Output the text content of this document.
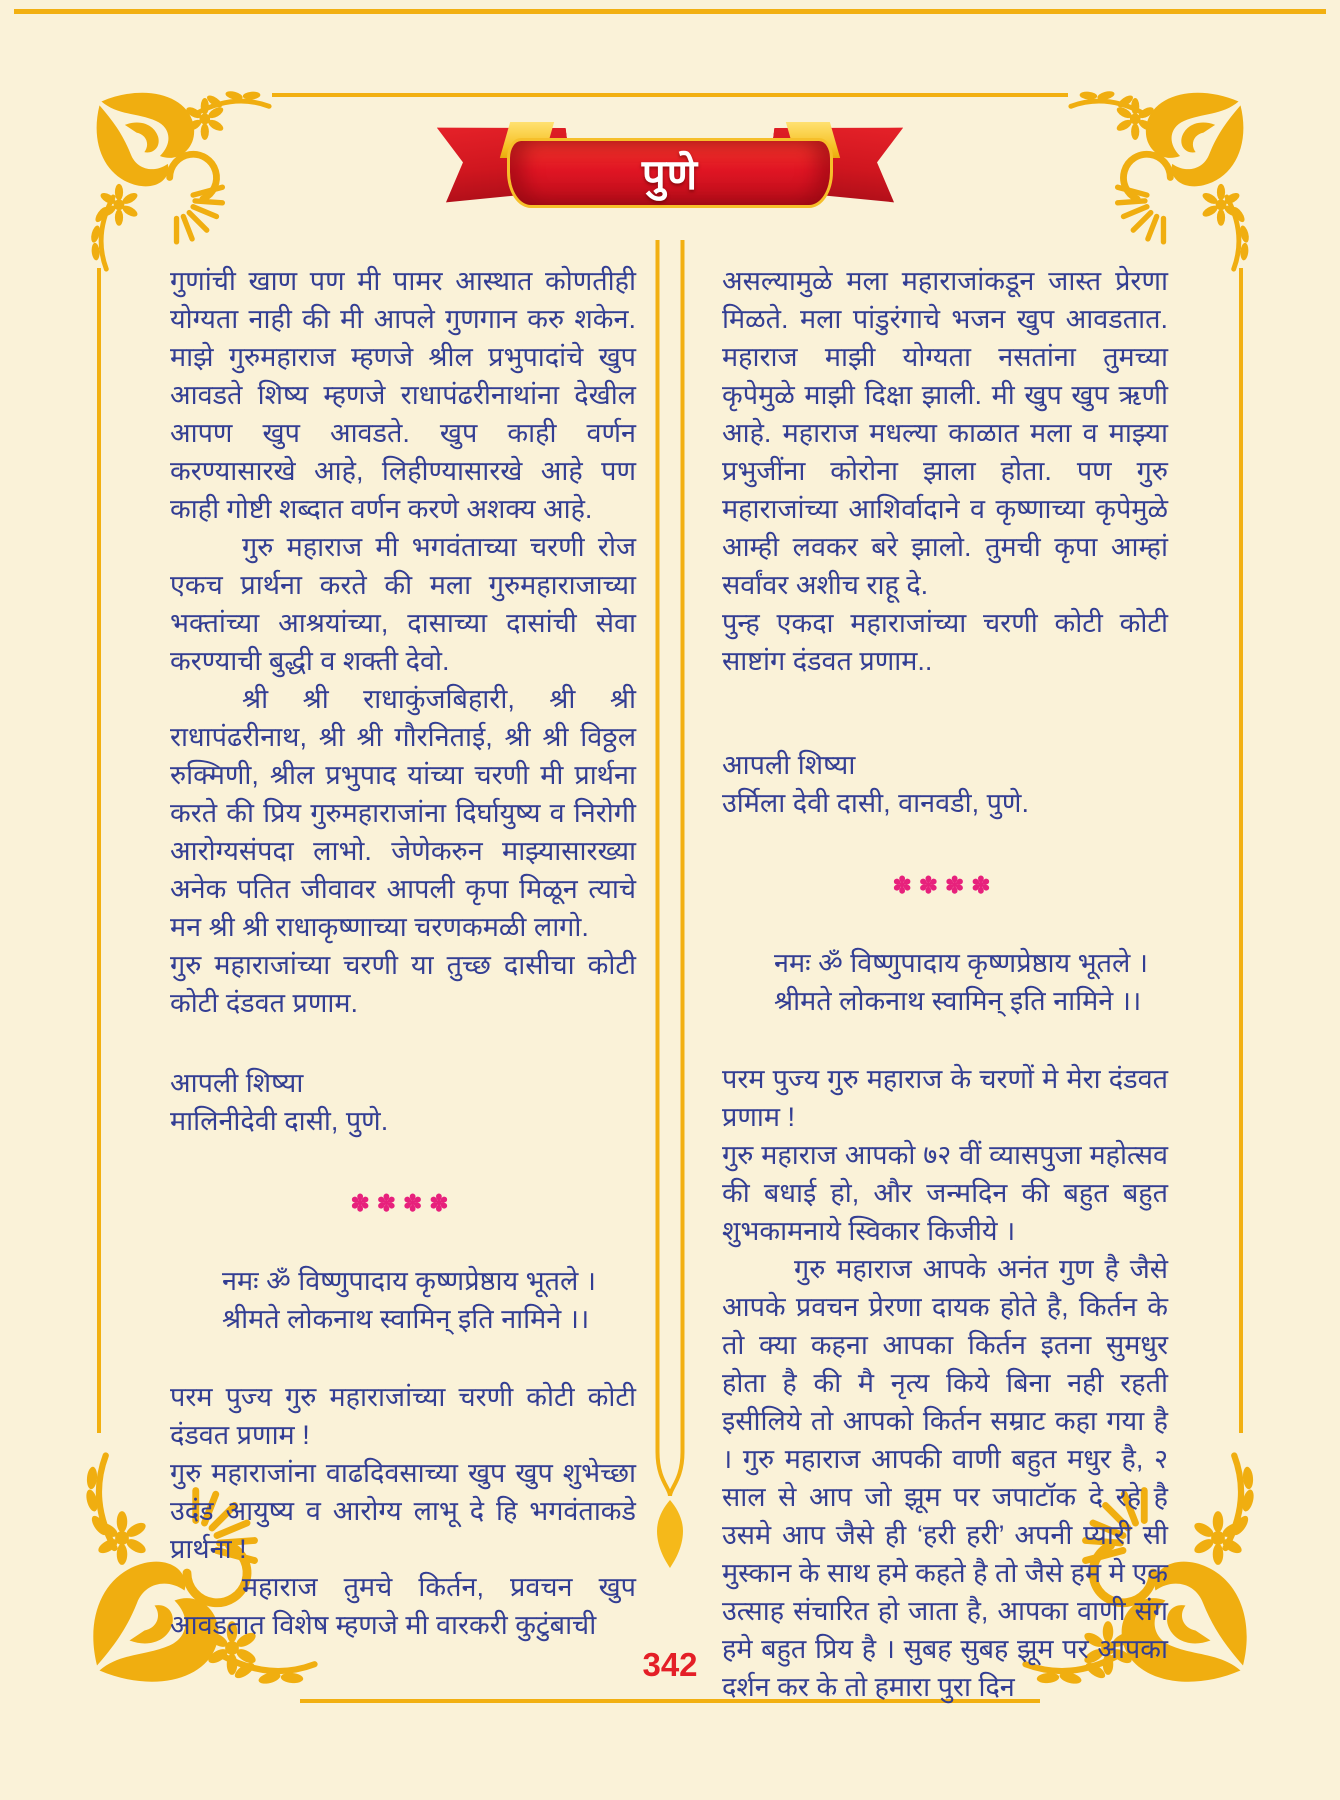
पुणे

गुणांची खाण पण मी पामर आस्थात कोणतीही योग्यता नाही की मी आपले गुणगान करु शकेन. माझे गुरुमहाराज म्हणजे श्रील प्रभुपादांचे खुप आवडते शिष्य म्हणजे राधापंढरीनाथांना देखील आपण खुप आवडते. खुप काही वर्णन करण्यासारखे आहे, लिहीण्यासारखे आहे पण काही गोष्टी शब्दात वर्णन करणे अशक्य आहे.

गुरु महाराज मी भगवंताच्या चरणी रोज एकच प्रार्थना करते की मला गुरुमहाराजाच्या भक्तांच्या आश्रयांच्या, दासाच्या दासांची सेवा करण्याची बुद्धी व शक्ती देवो.

श्री श्री राधाकुंजबिहारी, श्री श्री राधापंढरीनाथ, श्री श्री गौरनिताई, श्री श्री विठ्ठल रुक्मिणी, श्रील प्रभुपाद यांच्या चरणी मी प्रार्थना करते की प्रिय गुरुमहाराजांना दिर्घायुष्य व निरोगी आरोग्यसंपदा लाभो. जेणेकरुन माझ्यासारख्या अनेक पतित जीवावर आपली कृपा मिळून त्याचे मन श्री श्री राधाकृष्णाच्या चरणकमळी लागो.

गुरु महाराजांच्या चरणी या तुच्छ दासीचा कोटी कोटी दंडवत प्रणाम.

आपली शिष्या
मालिनीदेवी दासी, पुणे.
✽✽✽✽
नमः ॐ विष्णुपादाय कृष्णप्रेष्ठाय भूतले ।
श्रीमते लोकनाथ स्वामिन् इति नामिने ।।

परम पुज्य गुरु महाराजांच्या चरणी कोटी कोटी दंडवत प्रणाम !

गुरु महाराजांना वाढदिवसाच्या खुप खुप शुभेच्छा उदंड आयुष्य व आरोग्य लाभू दे हि भगवंताकडे प्रार्थना !

महाराज तुमचे किर्तन, प्रवचन खुप आवडतात विशेष म्हणजे मी वारकरी कुटुंबाची

असल्यामुळे मला महाराजांकडून जास्त प्रेरणा मिळते. मला पांडुरंगाचे भजन खुप आवडतात. महाराज माझी योग्यता नसतांना तुमच्या कृपेमुळे माझी दिक्षा झाली. मी खुप खुप ऋणी आहे. महाराज मधल्या काळात मला व माझ्या प्रभुजींना कोरोना झाला होता. पण गुरु महाराजांच्या आशिर्वादाने व कृष्णाच्या कृपेमुळे आम्ही लवकर बरे झालो. तुमची कृपा आम्हां सर्वांवर अशीच राहू दे.

पुन्ह एकदा महाराजांच्या चरणी कोटी कोटी साष्टांग दंडवत प्रणाम..

आपली शिष्या
उर्मिला देवी दासी, वानवडी, पुणे.
✽✽✽✽
नमः ॐ विष्णुपादाय कृष्णप्रेष्ठाय भूतले ।
श्रीमते लोकनाथ स्वामिन् इति नामिने ।।

परम पुज्य गुरु महाराज के चरणों मे मेरा दंडवत प्रणाम !

गुरु महाराज आपको ७२ वीं व्यासपुजा महोत्सव की बधाई हो, और जन्मदिन की बहुत बहुत शुभकामनाये स्विकार किजीये ।

गुरु महाराज आपके अनंत गुण है जैसे आपके प्रवचन प्रेरणा दायक होते है, किर्तन के तो क्या कहना आपका किर्तन इतना सुमधुर होता है की मै नृत्य किये बिना नही रहती इसीलिये तो आपको किर्तन सम्राट कहा गया है । गुरु महाराज आपकी वाणी बहुत मधुर है, २ साल से आप जो झूम पर जपाटॉक दे रहे है उसमे आप जैसे ही ‘हरी हरी’ अपनी प्यारी सी मुस्कान के साथ हमे कहते है तो जैसे हम मे एक उत्साह संचारित हो जाता है, आपका वाणी संग हमे बहुत प्रिय है । सुबह सुबह झूम पर आपका दर्शन कर के तो हमारा पुरा दिन

342
